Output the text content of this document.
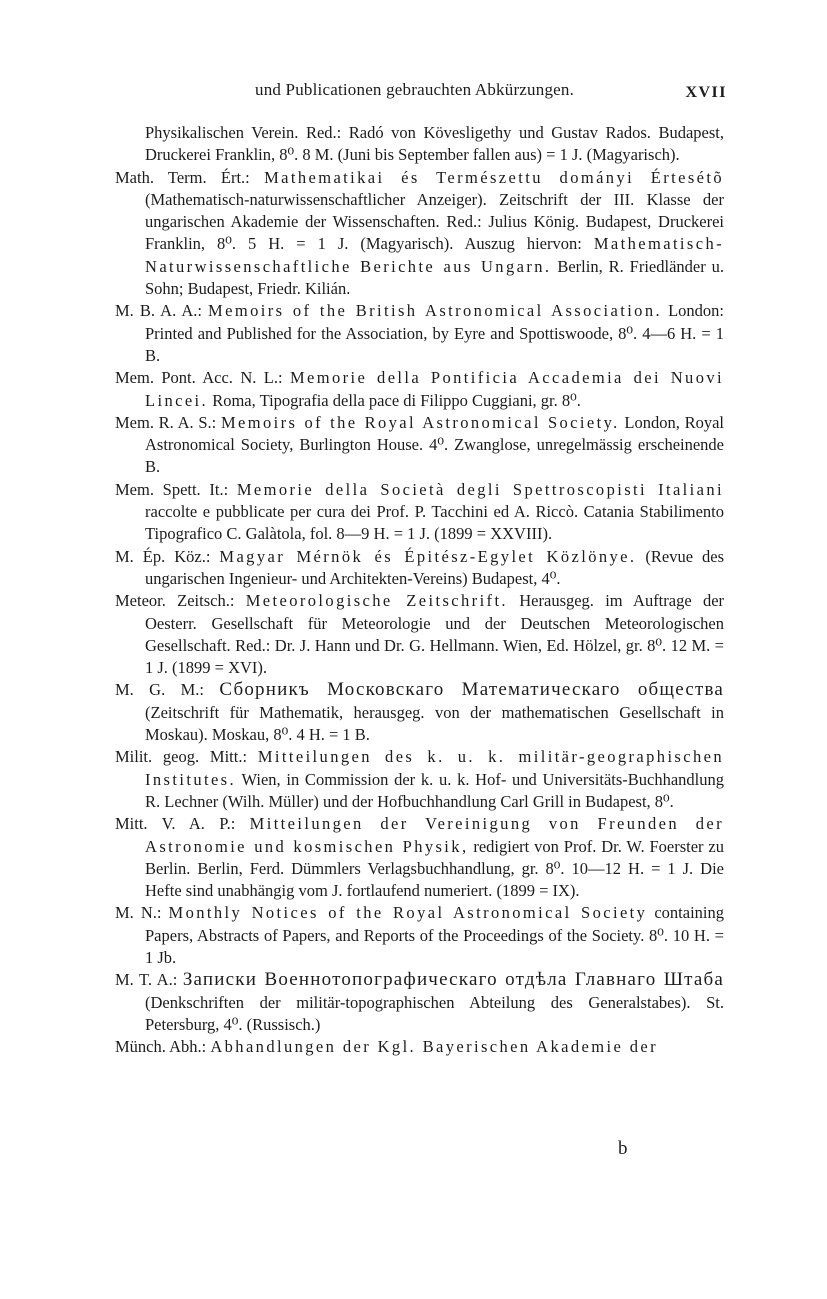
und Publicationen gebrauchten Abkürzungen.	XVII

Physikalischen Verein. Red.: Radó von Kövesligethy und Gustav Rados. Budapest, Druckerei Franklin, 8⁰. 8 M. (Juni bis September fallen aus) = 1 J. (Magyarisch).

Math. Term. Ért.: Mathematikai és Természettu dományi Értesétõ (Mathematisch-naturwissenschaftlicher Anzeiger). Zeitschrift der III. Klasse der ungarischen Akademie der Wissenschaften. Red.: Julius König. Budapest, Druckerei Franklin, 8⁰. 5 H. = 1 J. (Magyarisch). Auszug hiervon: Mathematisch-Naturwissenschaftliche Berichte aus Ungarn. Berlin, R. Friedländer u. Sohn; Budapest, Friedr. Kilián.

M. B. A. A.: Memoirs of the British Astronomical Association. London: Printed and Published for the Association, by Eyre and Spottiswoode, 8⁰. 4—6 H. = 1 B.

Mem. Pont. Acc. N. L.: Memorie della Pontificia Accademia dei Nuovi Lincei. Roma, Tipografia della pace di Filippo Cuggiani, gr. 8⁰.

Mem. R. A. S.: Memoirs of the Royal Astronomical Society. London, Royal Astronomical Society, Burlington House. 4⁰. Zwanglose, unregelmässig erscheinende B.

Mem. Spett. It.: Memorie della Società degli Spettroscopisti Italiani raccolte e pubblicate per cura dei Prof. P. Tacchini ed A. Riccò. Catania Stabilimento Tipografico C. Galàtola, fol. 8—9 H. = 1 J. (1899 = XXVIII).

M. Ép. Köz.: Magyar Mérnök és Épitész-Egylet Közlönye. (Revue des ungarischen Ingenieur- und Architekten-Vereins) Budapest, 4⁰.

Meteor. Zeitsch.: Meteorologische Zeitschrift. Herausgeg. im Auftrage der Oesterr. Gesellschaft für Meteorologie und der Deutschen Meteorologischen Gesellschaft. Red.: Dr. J. Hann und Dr. G. Hellmann. Wien, Ed. Hölzel, gr. 8⁰. 12 M. = 1 J. (1899 = XVI).

M. G. M.: Сборникъ Московскаго Математическаго общества (Zeitschrift für Mathematik, herausgeg. von der mathematischen Gesellschaft in Moskau). Moskau, 8⁰. 4 H. = 1 B.

Milit. geog. Mitt.: Mitteilungen des k. u. k. militär-geographischen Institutes. Wien, in Commission der k. u. k. Hof- und Universitäts-Buchhandlung R. Lechner (Wilh. Müller) und der Hofbuchhandlung Carl Grill in Budapest, 8⁰.

Mitt. V. A. P.: Mitteilungen der Vereinigung von Freunden der Astronomie und kosmischen Physik, redigiert von Prof. Dr. W. Foerster zu Berlin. Berlin, Ferd. Dümmlers Verlagsbuchhandlung, gr. 8⁰. 10—12 H. = 1 J. Die Hefte sind unabhängig vom J. fortlaufend numeriert. (1899 = IX).

M. N.: Monthly Notices of the Royal Astronomical Society containing Papers, Abstracts of Papers, and Reports of the Proceedings of the Society. 8⁰. 10 H. = 1 Jb.

M. T. A.: Записки Военнотопографическаго отдѣла Главнаго Штаба (Denkschriften der militär-topographischen Abteilung des Generalstabes). St. Petersburg, 4⁰. (Russisch.)

Münch. Abh.: Abhandlungen der Kgl. Bayerischen Akademie der

b
